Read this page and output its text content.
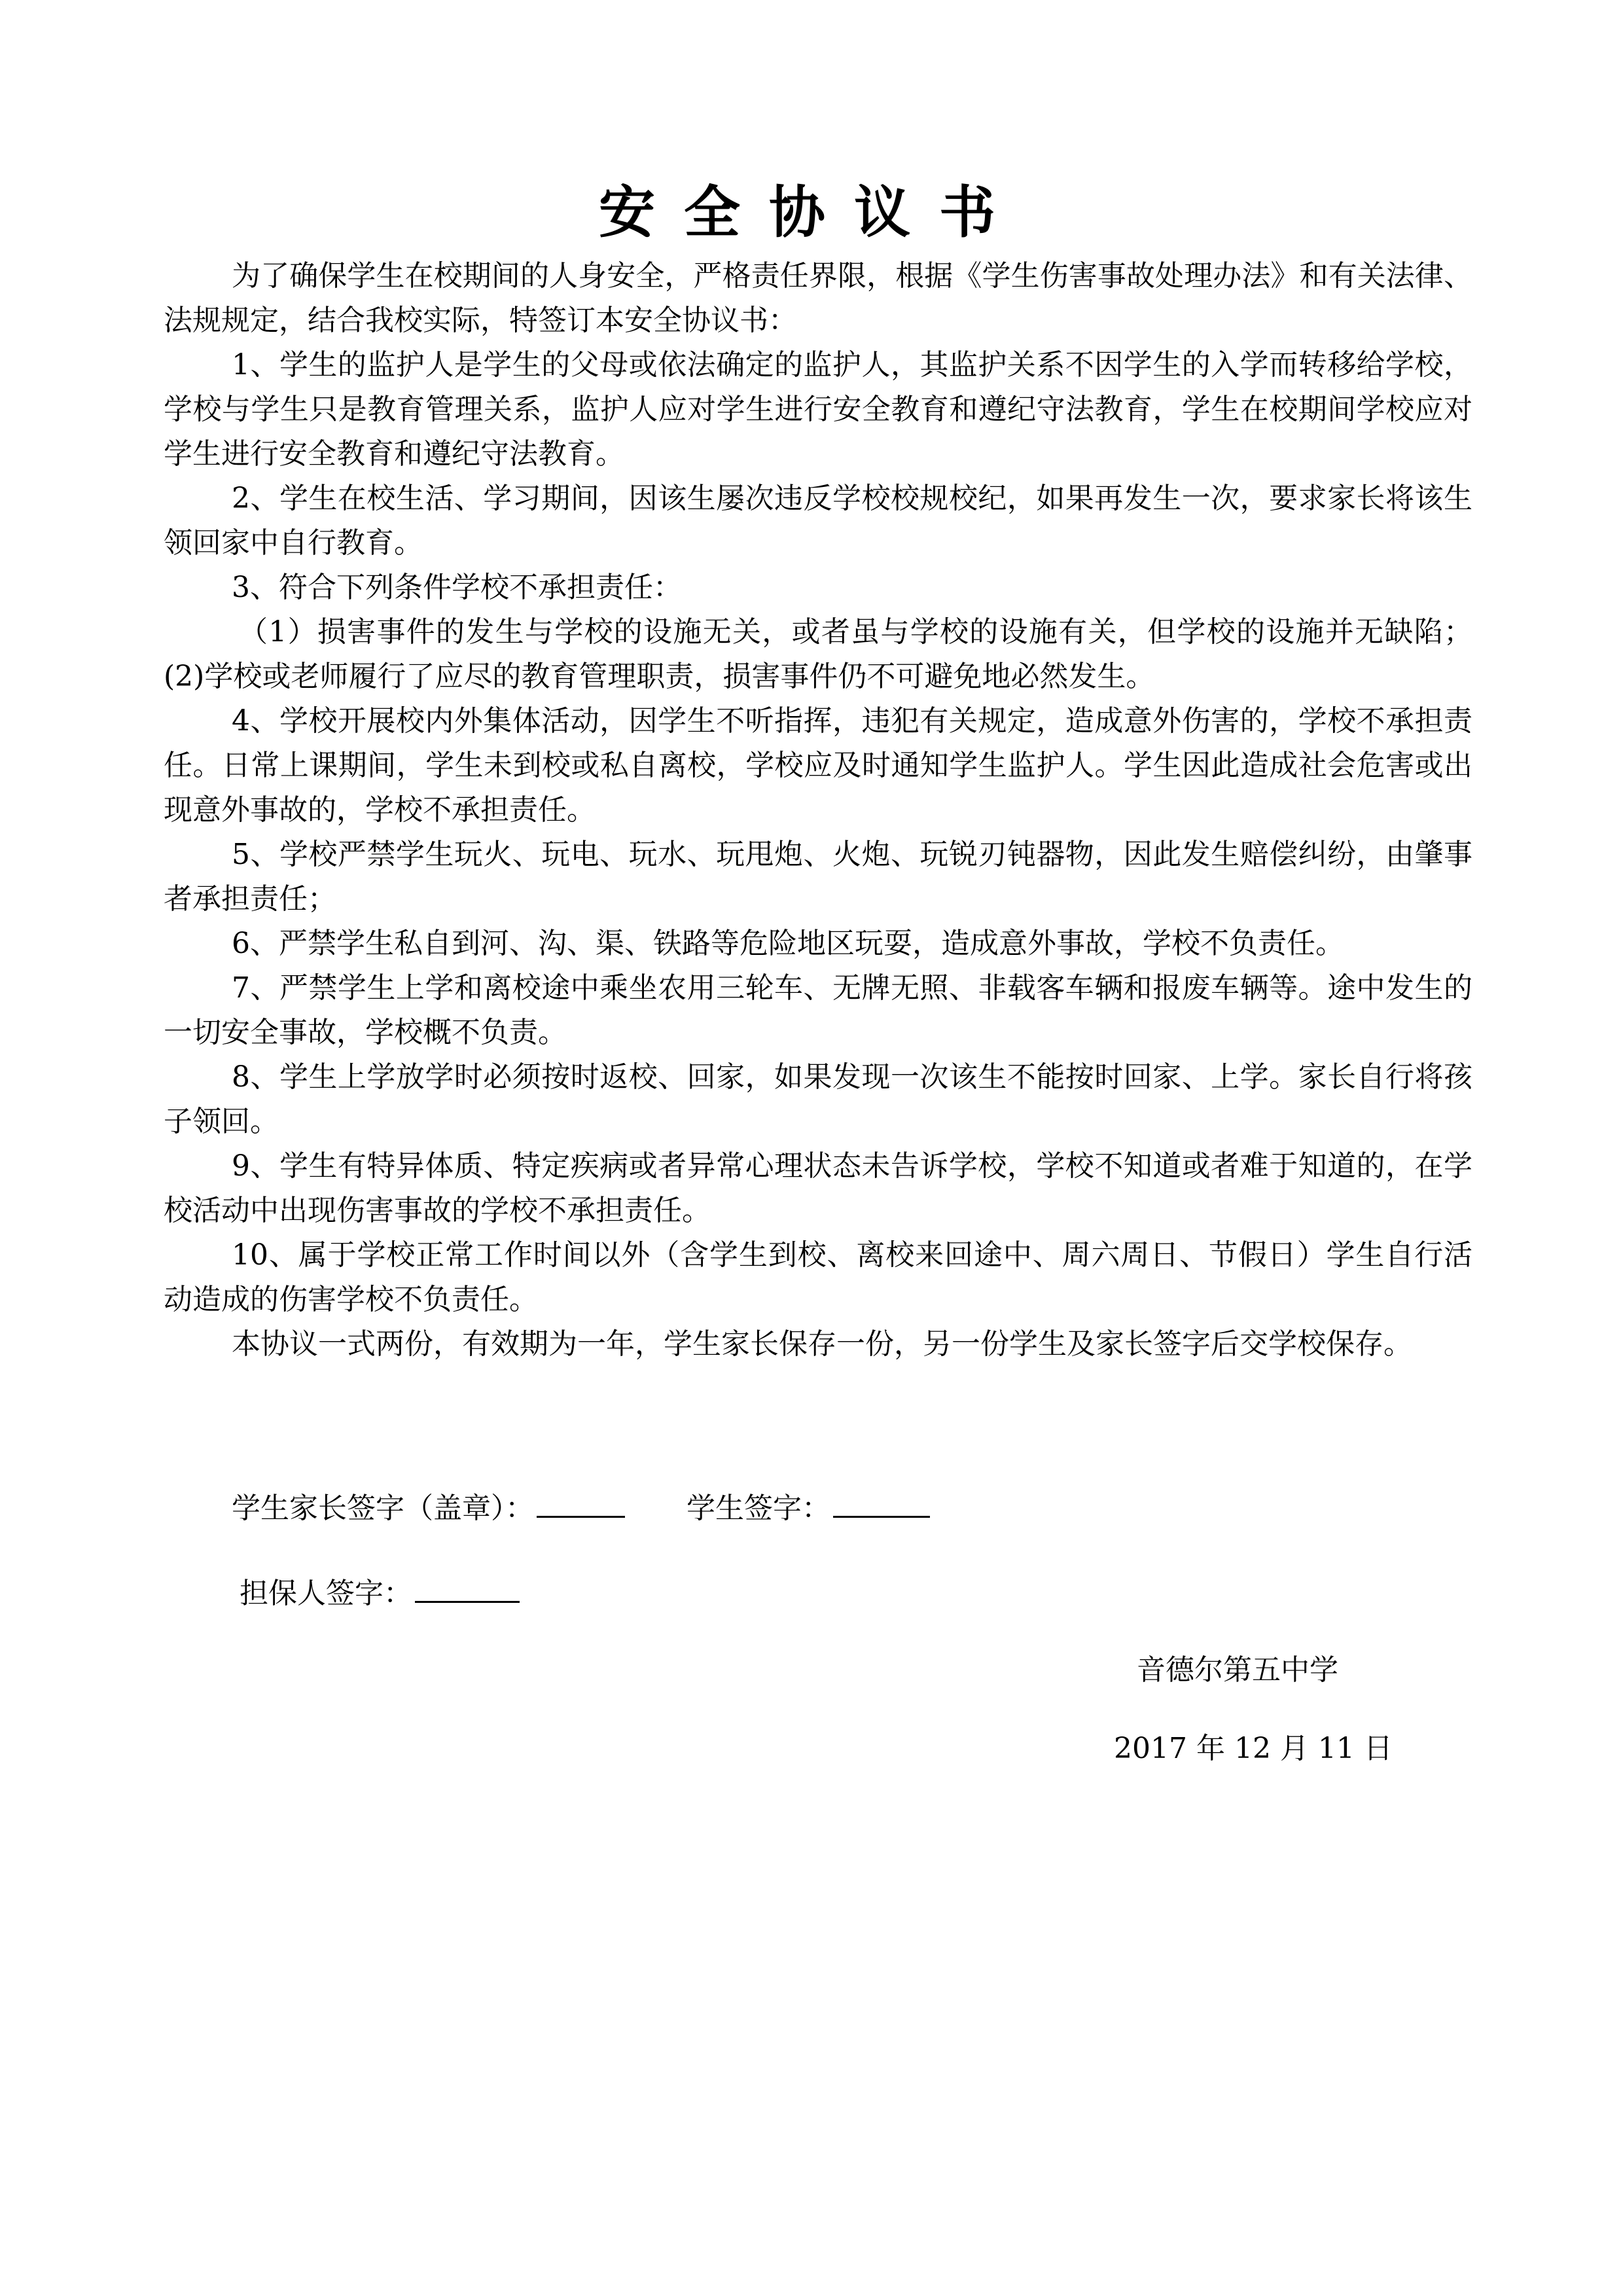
安全协议书

为了确保学生在校期间的人身安全，严格责任界限，根据《学生伤害事故处理办法》和有关法律、法规规定，结合我校实际，特签订本安全协议书：

1、学生的监护人是学生的父母或依法确定的监护人，其监护关系不因学生的入学而转移给学校，学校与学生只是教育管理关系，监护人应对学生进行安全教育和遵纪守法教育，学生在校期间学校应对学生进行安全教育和遵纪守法教育。

2、学生在校生活、学习期间，因该生屡次违反学校校规校纪，如果再发生一次，要求家长将该生领回家中自行教育。

3、符合下列条件学校不承担责任：

（1）损害事件的发生与学校的设施无关，或者虽与学校的设施有关，但学校的设施并无缺陷；(2)学校或老师履行了应尽的教育管理职责，损害事件仍不可避免地必然发生。

4、学校开展校内外集体活动，因学生不听指挥，违犯有关规定，造成意外伤害的，学校不承担责任。日常上课期间，学生未到校或私自离校，学校应及时通知学生监护人。学生因此造成社会危害或出现意外事故的，学校不承担责任。

5、学校严禁学生玩火、玩电、玩水、玩甩炮、火炮、玩锐刃钝器物，因此发生赔偿纠纷，由肇事者承担责任；

6、严禁学生私自到河、沟、渠、铁路等危险地区玩耍，造成意外事故，学校不负责任。

7、严禁学生上学和离校途中乘坐农用三轮车、无牌无照、非载客车辆和报废车辆等。途中发生的一切安全事故，学校概不负责。

8、学生上学放学时必须按时返校、回家，如果发现一次该生不能按时回家、上学。家长自行将孩子领回。

9、学生有特异体质、特定疾病或者异常心理状态未告诉学校，学校不知道或者难于知道的，在学校活动中出现伤害事故的学校不承担责任。

10、属于学校正常工作时间以外（含学生到校、离校来回途中、周六周日、节假日）学生自行活动造成的伤害学校不负责任。

本协议一式两份，有效期为一年，学生家长保存一份，另一份学生及家长签字后交学校保存。

学生家长签字（盖章）：	学生签字：
担保人签字：
音德尔第五中学
2017 年 12 月 11 日
